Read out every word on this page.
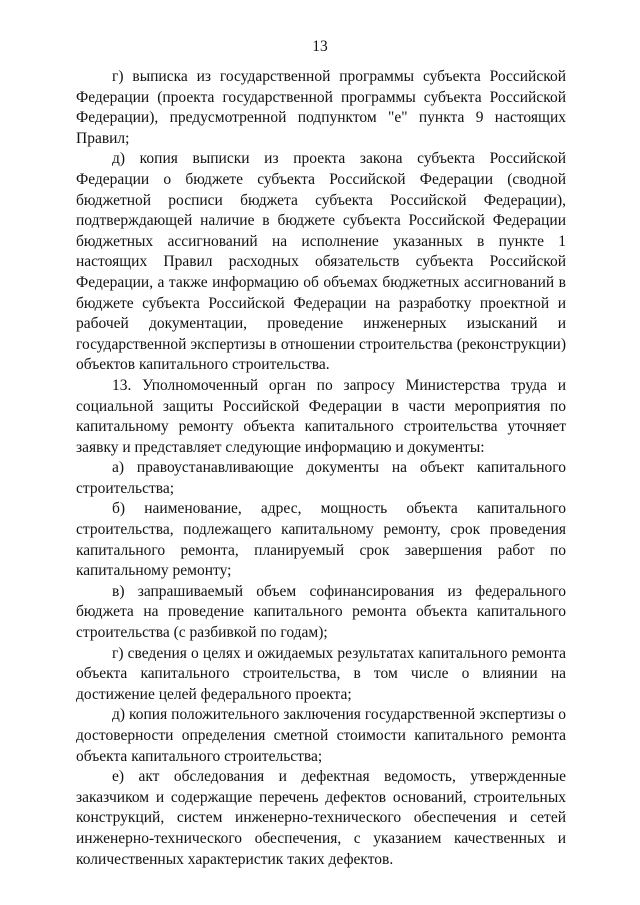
13

г) выписка из государственной программы субъекта Российской Федерации (проекта государственной программы субъекта Российской Федерации), предусмотренной подпунктом "е" пункта 9 настоящих Правил;

д) копия выписки из проекта закона субъекта Российской Федерации о бюджете субъекта Российской Федерации (сводной бюджетной росписи бюджета субъекта Российской Федерации), подтверждающей наличие в бюджете субъекта Российской Федерации бюджетных ассигнований на исполнение указанных в пункте 1 настоящих Правил расходных обязательств субъекта Российской Федерации, а также информацию об объемах бюджетных ассигнований в бюджете субъекта Российской Федерации на разработку проектной и рабочей документации, проведение инженерных изысканий и государственной экспертизы в отношении строительства (реконструкции) объектов капитального строительства.

13. Уполномоченный орган по запросу Министерства труда и социальной защиты Российской Федерации в части мероприятия по капитальному ремонту объекта капитального строительства уточняет заявку и представляет следующие информацию и документы:

а) правоустанавливающие документы на объект капитального строительства;

б) наименование, адрес, мощность объекта капитального строительства, подлежащего капитальному ремонту, срок проведения капитального ремонта, планируемый срок завершения работ по капитальному ремонту;

в) запрашиваемый объем софинансирования из федерального бюджета на проведение капитального ремонта объекта капитального строительства (с разбивкой по годам);

г) сведения о целях и ожидаемых результатах капитального ремонта объекта капитального строительства, в том числе о влиянии на достижение целей федерального проекта;

д) копия положительного заключения государственной экспертизы о достоверности определения сметной стоимости капитального ремонта объекта капитального строительства;

е) акт обследования и дефектная ведомость, утвержденные заказчиком и содержащие перечень дефектов оснований, строительных конструкций, систем инженерно-технического обеспечения и сетей инженерно-технического обеспечения, с указанием качественных и количественных характеристик таких дефектов.
